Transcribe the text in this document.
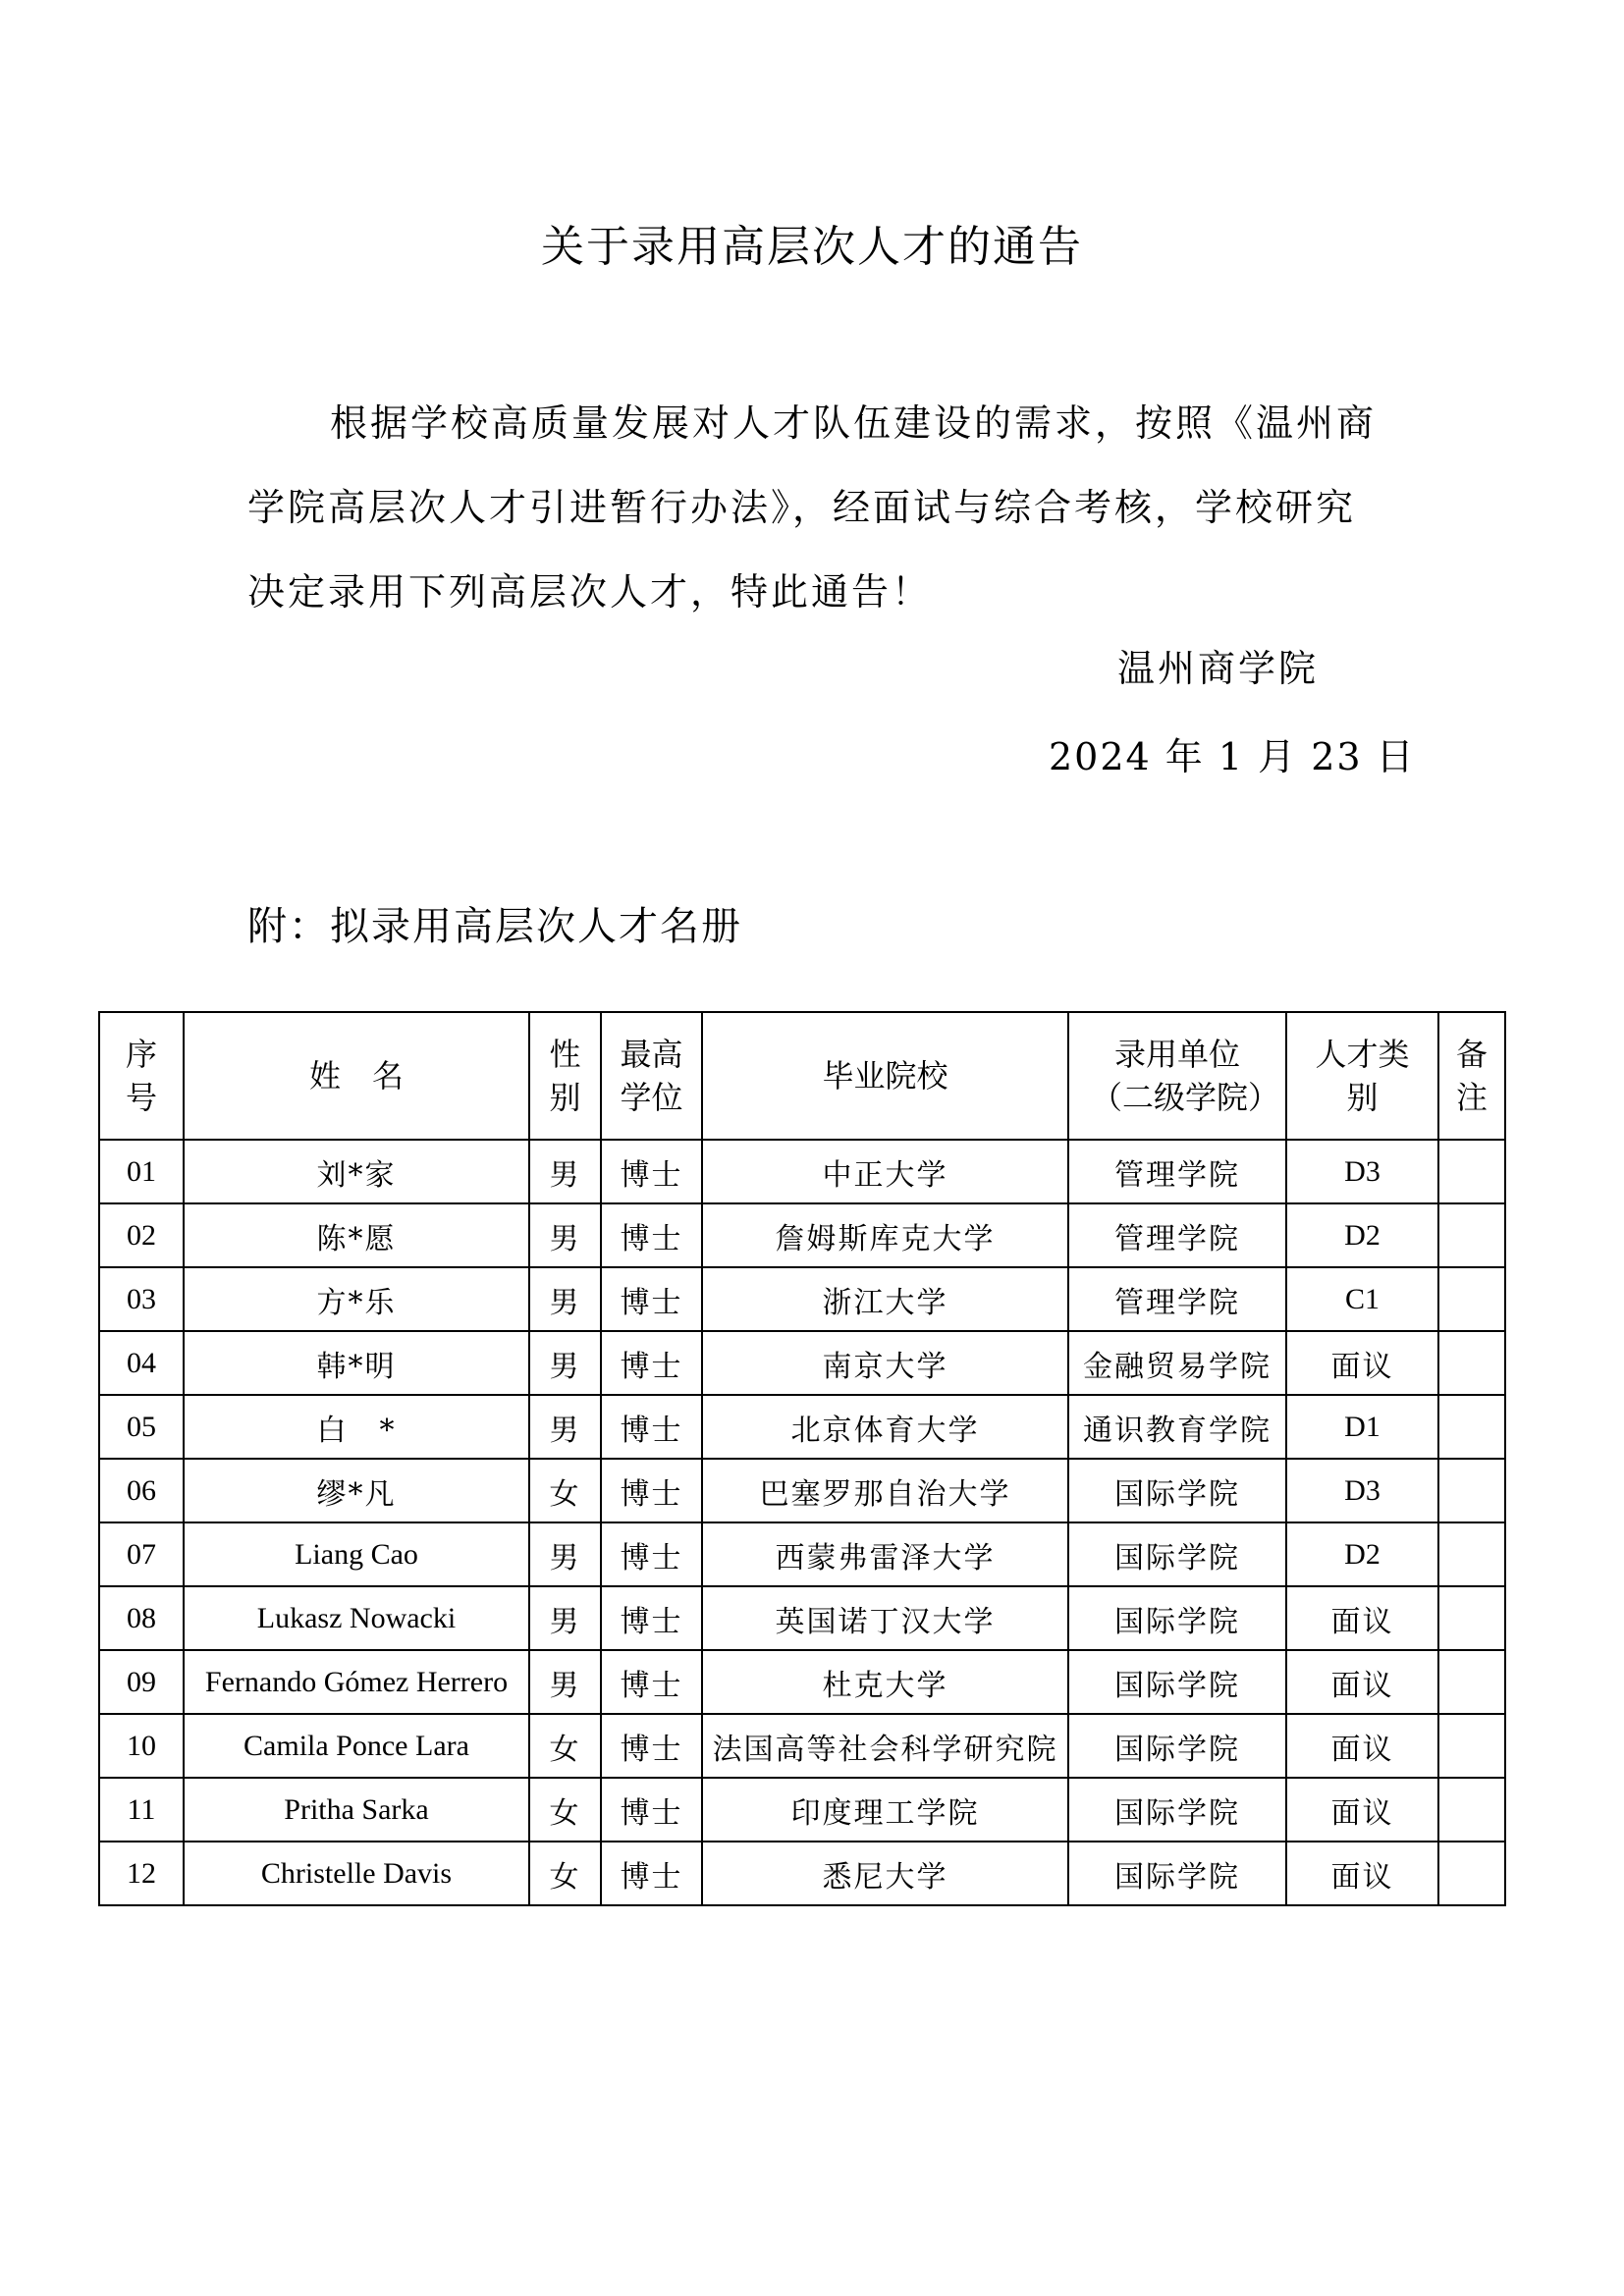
关于录用高层次人才的通告
根据学校高质量发展对人才队伍建设的需求，按照《温州商学院高层次人才引进暂行办法》，经面试与综合考核，学校研究决定录用下列高层次人才，特此通告！
温州商学院
2024 年 1 月 23 日
附：拟录用高层次人才名册
序号	姓　名	性别	最高学位	毕业院校	录用单位（二级学院）	人才类别	备注

01	刘*家	男	博士	中正大学	管理学院	D3	
02	陈*愿	男	博士	詹姆斯库克大学	管理学院	D2	
03	方*乐	男	博士	浙江大学	管理学院	C1	
04	韩*明	男	博士	南京大学	金融贸易学院	面议	
05	白　*	男	博士	北京体育大学	通识教育学院	D1	
06	缪*凡	女	博士	巴塞罗那自治大学	国际学院	D3	
07	Liang Cao	男	博士	西蒙弗雷泽大学	国际学院	D2	
08	Lukasz Nowacki	男	博士	英国诺丁汉大学	国际学院	面议	
09	Fernando Gómez Herrero	男	博士	杜克大学	国际学院	面议	
10	Camila Ponce Lara	女	博士	法国高等社会科学研究院	国际学院	面议	
11	Pritha Sarka	女	博士	印度理工学院	国际学院	面议	
12	Christelle Davis	女	博士	悉尼大学	国际学院	面议	
